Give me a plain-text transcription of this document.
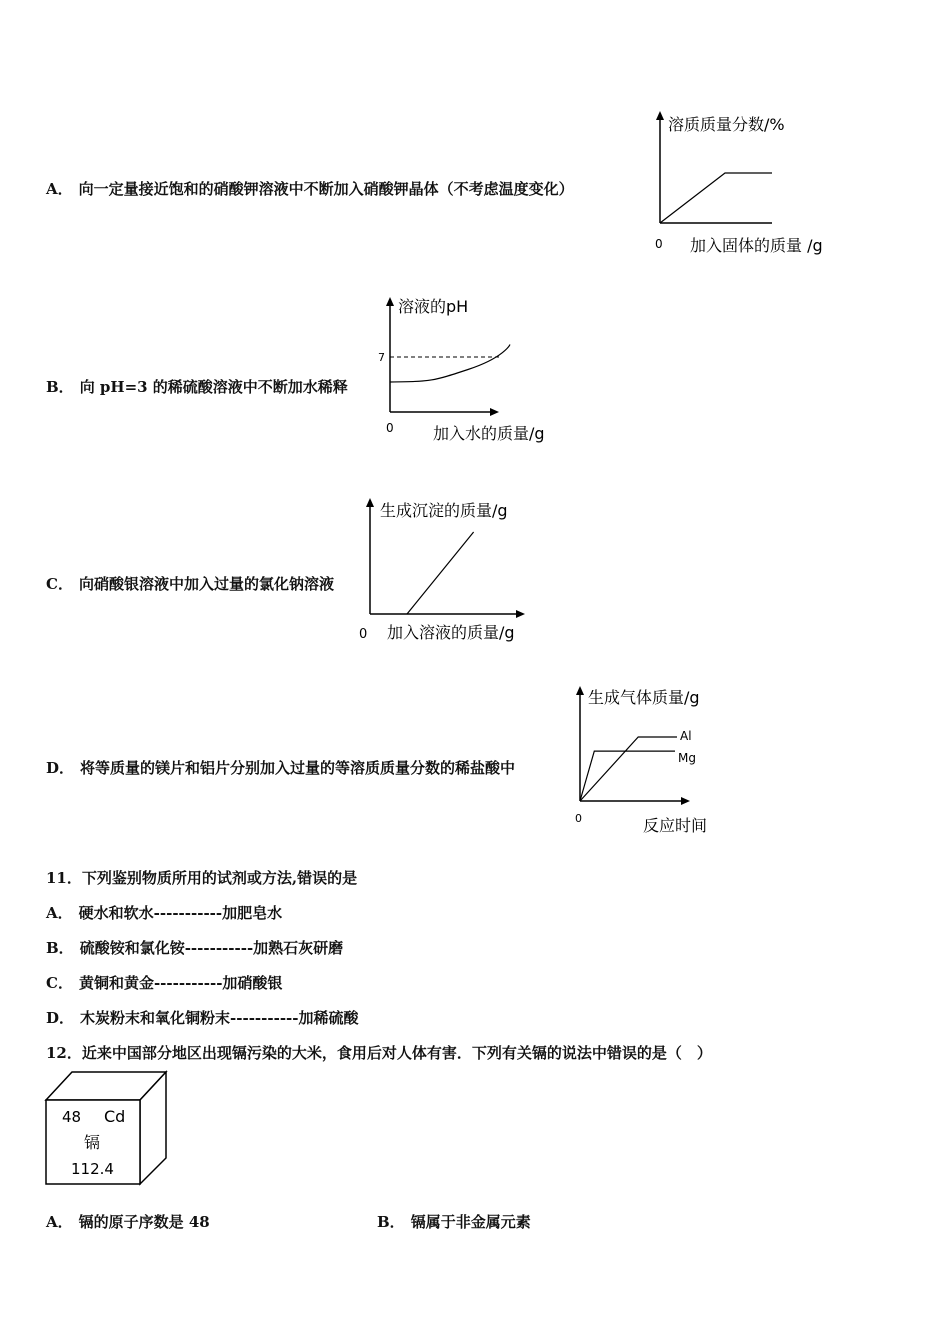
A． 向一定量接近饱和的硝酸钾溶液中不断加入硝酸钾晶体（不考虑温度变化）
溶质质量分数/%
0 加入固体的质量 /g
B． 向 pH=3 的稀硫酸溶液中不断加水稀释
7
溶液的pH
0 加入水的质量/g
C． 向硝酸银溶液中加入过量的氯化钠溶液
生成沉淀的质量/g
0 加入溶液的质量/g
D． 将等质量的镁片和铝片分别加入过量的等溶质质量分数的稀盐酸中
生成气体质量/g
0	反应时间
Al
Mg
11．下列鉴别物质所用的试剂或方法,错误的是
A． 硬水和软水-----------加肥皂水
B． 硫酸铵和氯化铵-----------加熟石灰研磨
C． 黄铜和黄金-----------加硝酸银
D． 木炭粉末和氧化铜粉末-----------加稀硫酸
12．近来中国部分地区出现镉污染的大米，食用后对人体有害．下列有关镉的说法中错误的是（　）
48 Cd
镉
112.4
A． 镉的原子序数是 48	B． 镉属于非金属元素
